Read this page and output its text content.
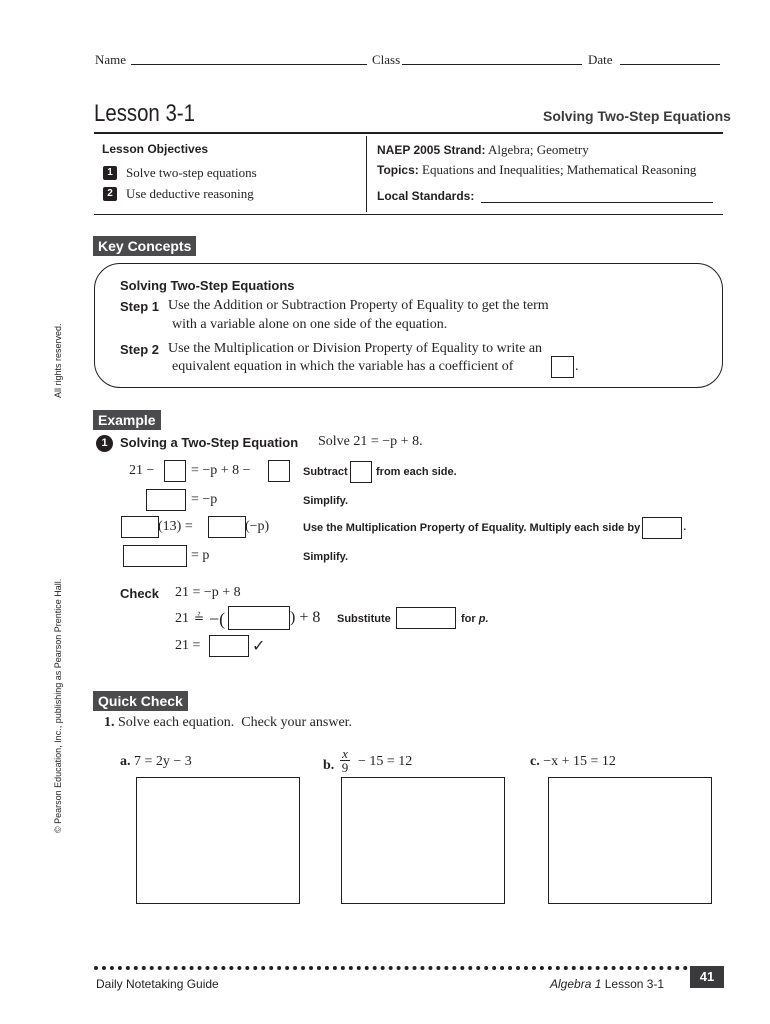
Name	Class	Date
Lesson 3-1	Solving Two-Step Equations
Lesson Objectives
1	Solve two-step equations
2	Use deductive reasoning
NAEP 2005 Strand: Algebra; Geometry
Topics: Equations and Inequalities; Mathematical Reasoning
Local Standards:
All rights reserved.
© Pearson Education, Inc., publishing as Pearson Prentice Hall.
Key Concepts
Solving Two-Step Equations
Step 1 Use the Addition or Subtraction Property of Equality to get the term
with a variable alone on one side of the equation.
Step 2 Use the Multiplication or Division Property of Equality to write an
equivalent equation in which the variable has a coefficient of	.
Example
1 Solving a Two-Step Equation Solve 21 = −p + 8.
21 −	= −p + 8 −	Subtract	from each side.
= −p	Simplify.
(13) =	(−p)	Use the Multiplication Property of Equality. Multiply each side by	.
= p	Simplify.
Check 21 = −p + 8
21 ≟ −(	) + 8 Substitute	for p.
21 =	✓
Quick Check
1. Solve each equation.  Check your answer.
a. 7 = 2y − 3	b. $\frac{x}{9} - 15 = 12$	c. −x + 15 = 12
Daily Notetaking Guide	Algebra 1 Lesson 3-1	41
